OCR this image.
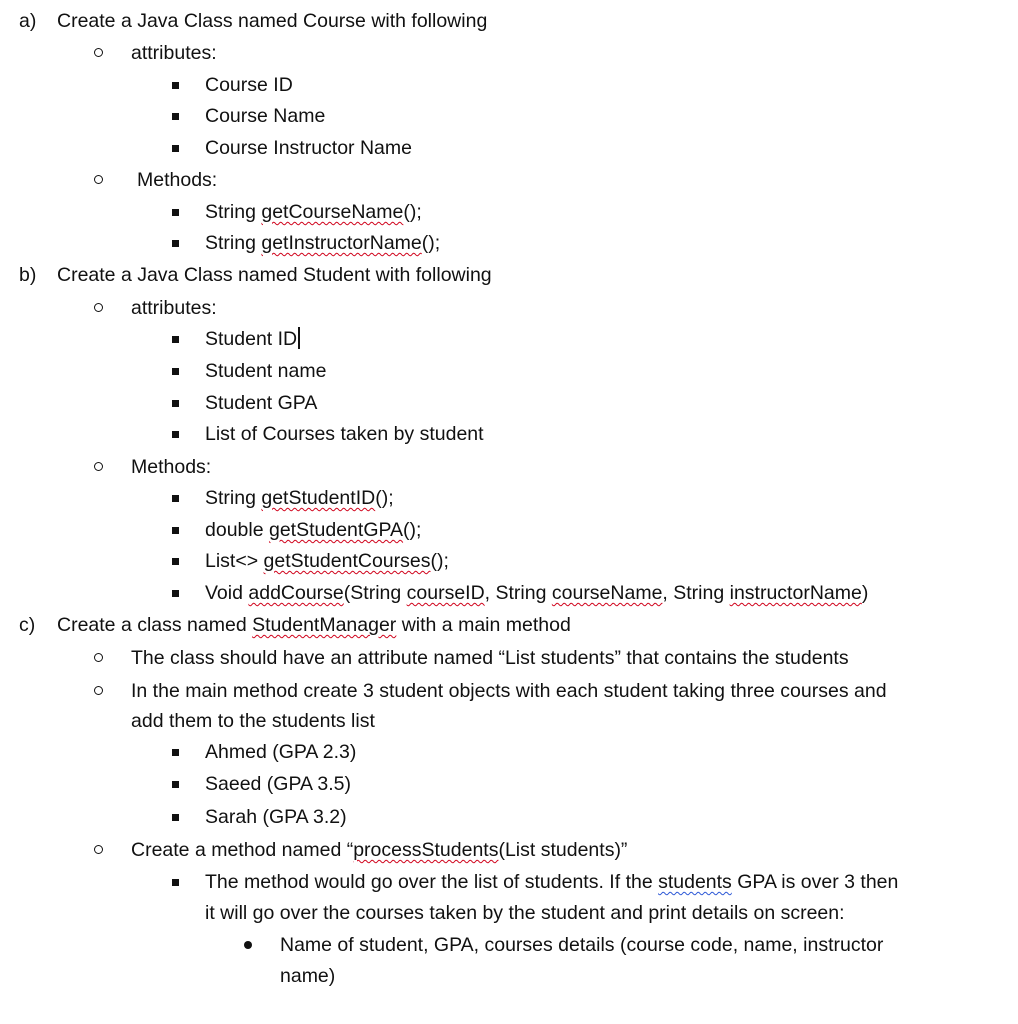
a) Create a Java Class named Course with following
attributes:
Course ID
Course Name
Course Instructor Name
Methods:
String getCourseName();
String getInstructorName();
b) Create a Java Class named Student with following
attributes:
Student ID
Student name
Student GPA
List of Courses taken by student
Methods:
String getStudentID();
double getStudentGPA();
List<> getStudentCourses();
Void addCourse(String courseID, String courseName, String instructorName)
c) Create a class named StudentManager with a main method
The class should have an attribute named “List students” that contains the students
In the main method create 3 student objects with each student taking three courses and
add them to the students list
Ahmed (GPA 2.3)
Saeed (GPA 3.5)
Sarah (GPA 3.2)
Create a method named “processStudents(List students)”
The method would go over the list of students. If the students GPA is over 3 then
it will go over the courses taken by the student and print details on screen:
Name of student, GPA, courses details (course code, name, instructor
name)
